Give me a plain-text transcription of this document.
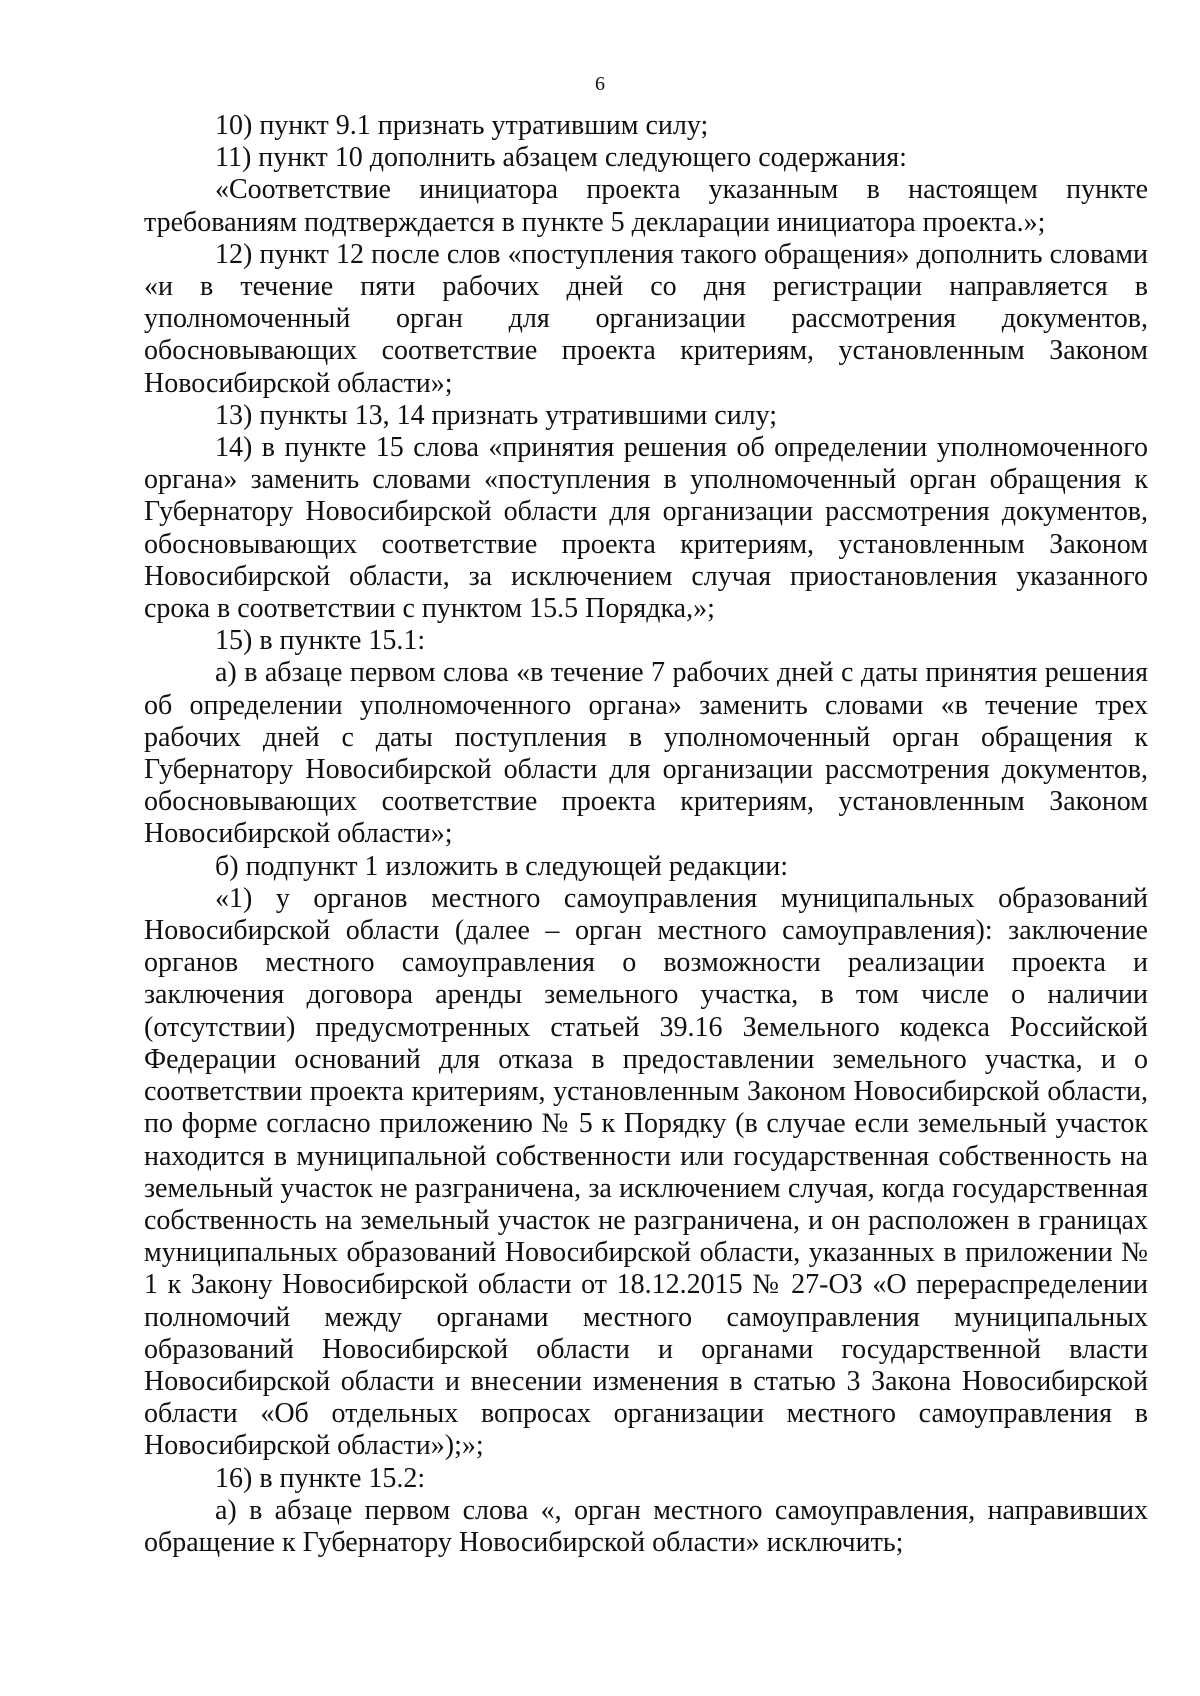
6

10) пункт 9.1 признать утратившим силу;

11) пункт 10 дополнить абзацем следующего содержания:

«Соответствие инициатора проекта указанным в настоящем пункте требованиям подтверждается в пункте 5 декларации инициатора проекта.»;

12) пункт 12 после слов «поступления такого обращения» дополнить словами «и в течение пяти рабочих дней со дня регистрации направляется в уполномоченный орган для организации рассмотрения документов, обосновывающих соответствие проекта критериям, установленным Законом Новосибирской области»;

13) пункты 13, 14 признать утратившими силу;

14) в пункте 15 слова «принятия решения об определении уполномоченного органа» заменить словами «поступления в уполномоченный орган обращения к Губернатору Новосибирской области для организации рассмотрения документов, обосновывающих соответствие проекта критериям, установленным Законом Новосибирской области, за исключением случая приостановления указанного срока в соответствии с пунктом 15.5 Порядка,»;

15) в пункте 15.1:

а) в абзаце первом слова «в течение 7 рабочих дней с даты принятия решения об определении уполномоченного органа» заменить словами «в течение трех рабочих дней с даты поступления в уполномоченный орган обращения к Губернатору Новосибирской области для организации рассмотрения документов, обосновывающих соответствие проекта критериям, установленным Законом Новосибирской области»;

б) подпункт 1 изложить в следующей редакции:

«1) у органов местного самоуправления муниципальных образований Новосибирской области (далее – орган местного самоуправления): заключение органов местного самоуправления о возможности реализации проекта и заключения договора аренды земельного участка, в том числе о наличии (отсутствии) предусмотренных статьей 39.16 Земельного кодекса Российской Федерации оснований для отказа в предоставлении земельного участка, и о соответствии проекта критериям, установленным Законом Новосибирской области, по форме согласно приложению № 5 к Порядку (в случае если земельный участок находится в муниципальной собственности или государственная собственность на земельный участок не разграничена, за исключением случая, когда государственная собственность на земельный участок не разграничена, и он расположен в границах муниципальных образований Новосибирской области, указанных в приложении № 1 к Закону Новосибирской области от 18.12.2015 № 27-ОЗ «О перераспределении полномочий между органами местного самоуправления муниципальных образований Новосибирской области и органами государственной власти Новосибирской области и внесении изменения в статью 3 Закона Новосибирской области «Об отдельных вопросах организации местного самоуправления в Новосибирской области»);»;

16) в пункте 15.2:

а) в абзаце первом слова «, орган местного самоуправления, направивших обращение к Губернатору Новосибирской области» исключить;
